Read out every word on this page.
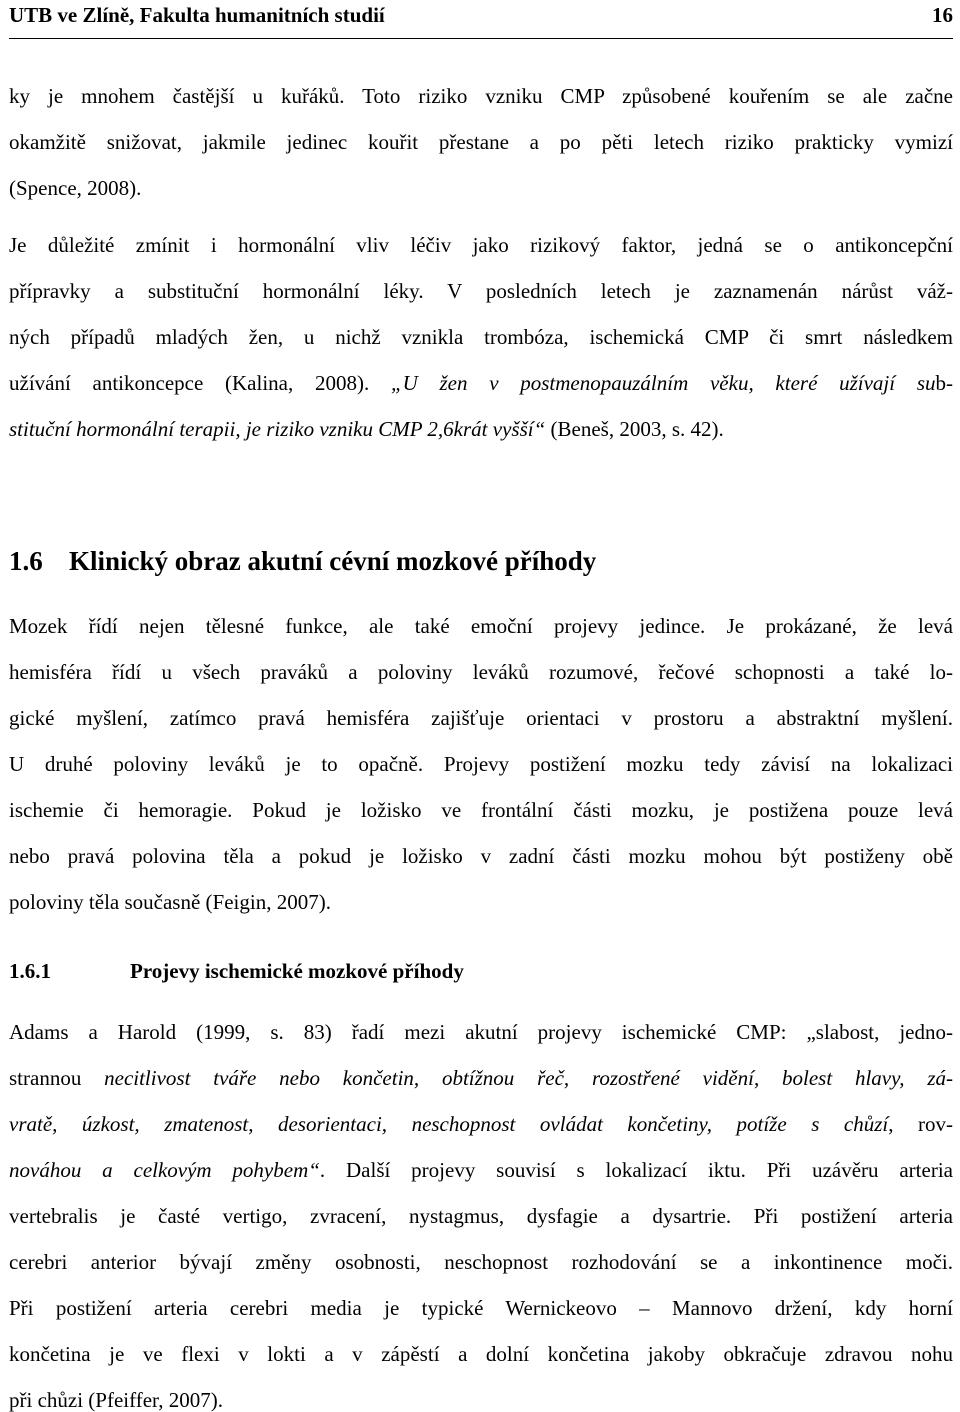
UTB ve Zlíně, Fakulta humanitních studií	16
ky je mnohem častější u kuřáků. Toto riziko vzniku CMP způsobené kouřením se ale začne
okamžitě snižovat, jakmile jedinec kouřit přestane a po pěti letech riziko prakticky vymizí
(Spence, 2008).
Je důležité zmínit i hormonální vliv léčiv jako rizikový faktor, jedná se o antikoncepční
přípravky a substituční hormonální léky. V posledních letech je zaznamenán nárůst váž-
ných případů mladých žen, u nichž vznikla trombóza, ischemická CMP či smrt následkem
užívání antikoncepce (Kalina, 2008). „U žen v postmenopauzálním věku, které užívají sub-
stituční hormonální terapii, je riziko vzniku CMP 2,6krát vyšší“ (Beneš, 2003, s. 42).
1.6 Klinický obraz akutní cévní mozkové příhody
Mozek řídí nejen tělesné funkce, ale také emoční projevy jedince. Je prokázané, že levá
hemisféra řídí u všech praváků a poloviny leváků rozumové, řečové schopnosti a také lo-
gické myšlení, zatímco pravá hemisféra zajišťuje orientaci v prostoru a abstraktní myšlení.
U druhé poloviny leváků je to opačně. Projevy postižení mozku tedy závisí na lokalizaci
ischemie či hemoragie. Pokud je ložisko ve frontální části mozku, je postižena pouze levá
nebo pravá polovina těla a pokud je ložisko v zadní části mozku mohou být postiženy obě
poloviny těla současně (Feigin, 2007).
1.6.1	Projevy ischemické mozkové příhody
Adams a Harold (1999, s. 83) řadí mezi akutní projevy ischemické CMP: „slabost, jedno-
strannou necitlivost tváře nebo končetin, obtížnou řeč, rozostřené vidění, bolest hlavy, zá-
vratě, úzkost, zmatenost, desorientaci, neschopnost ovládat končetiny, potíže s chůzí, rov-
nováhou a celkovým pohybem“. Další projevy souvisí s lokalizací iktu. Při uzávěru arteria
vertebralis je časté vertigo, zvracení, nystagmus, dysfagie a dysartrie. Při postižení arteria
cerebri anterior bývají změny osobnosti, neschopnost rozhodování se a inkontinence moči.
Při postižení arteria cerebri media je typické Wernickeovo – Mannovo držení, kdy horní
končetina je ve flexi v lokti a v zápěstí a dolní končetina jakoby obkračuje zdravou nohu
při chůzi (Pfeiffer, 2007).
